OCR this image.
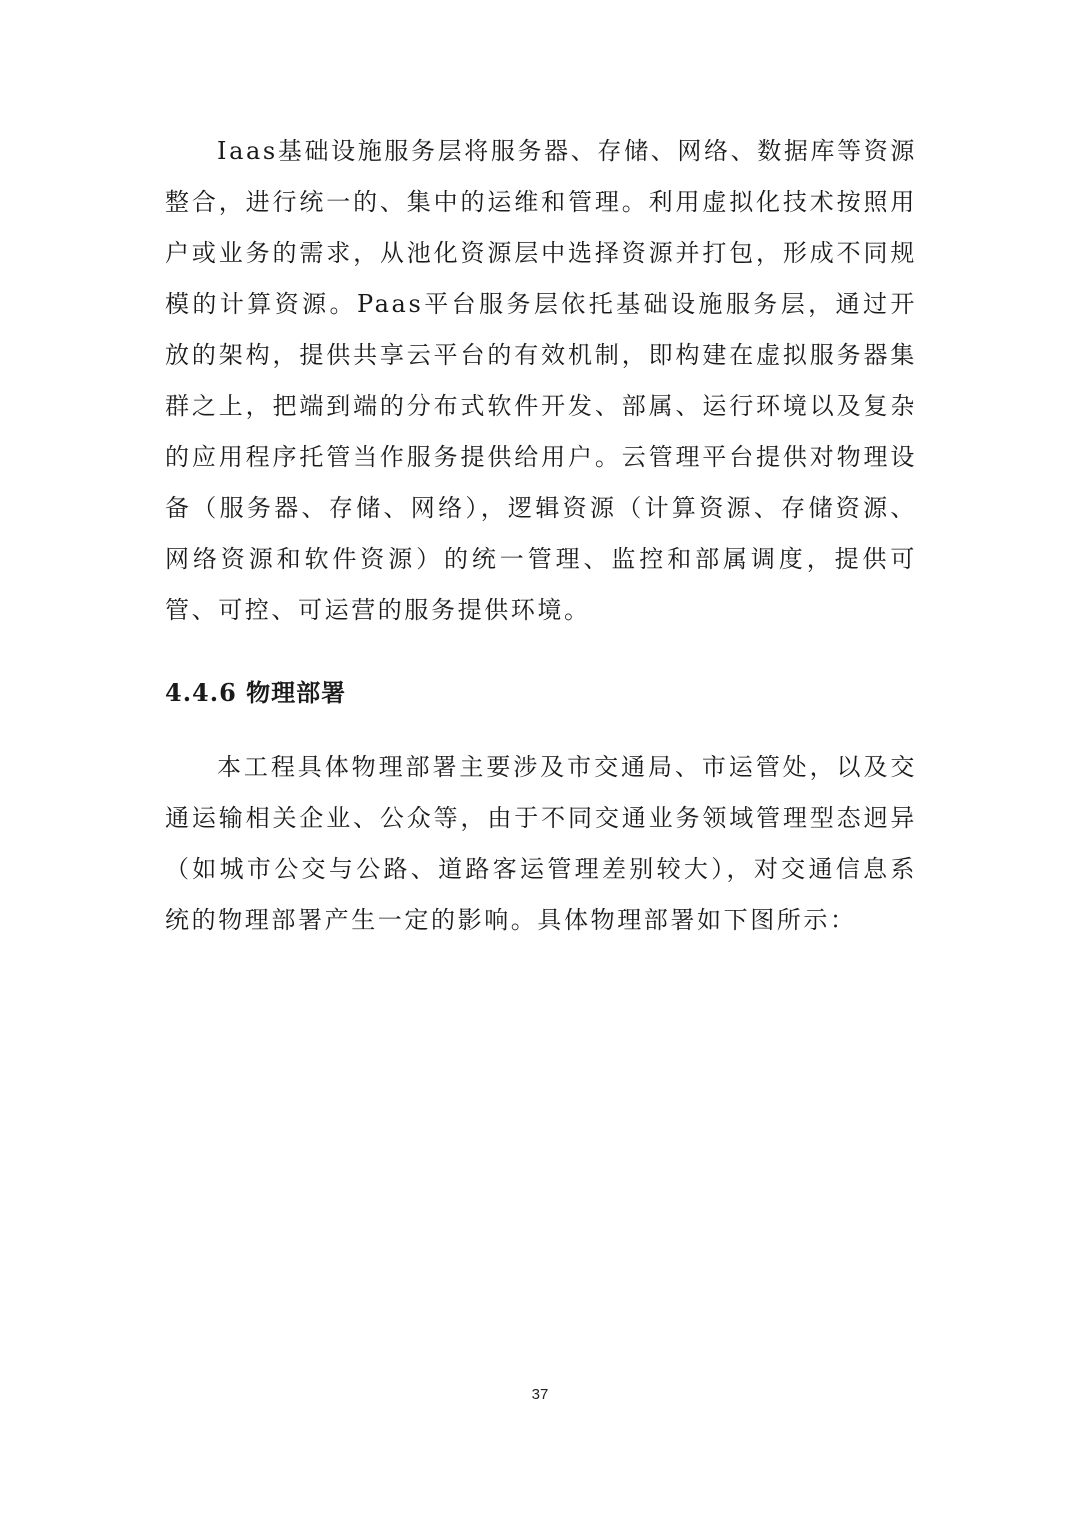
Iaas基础设施服务层将服务器、存储、网络、数据库等资源整合，进行统一的、集中的运维和管理。利用虚拟化技术按照用户或业务的需求，从池化资源层中选择资源并打包，形成不同规模的计算资源。Paas平台服务层依托基础设施服务层，通过开放的架构，提供共享云平台的有效机制，即构建在虚拟服务器集群之上，把端到端的分布式软件开发、部属、运行环境以及复杂的应用程序托管当作服务提供给用户。云管理平台提供对物理设备（服务器、存储、网络），逻辑资源（计算资源、存储资源、网络资源和软件资源）的统一管理、监控和部属调度，提供可管、可控、可运营的服务提供环境。

4.4.6 物理部署

本工程具体物理部署主要涉及市交通局、市运管处，以及交通运输相关企业、公众等，由于不同交通业务领域管理型态迥异（如城市公交与公路、道路客运管理差别较大），对交通信息系统的物理部署产生一定的影响。具体物理部署如下图所示：

37
